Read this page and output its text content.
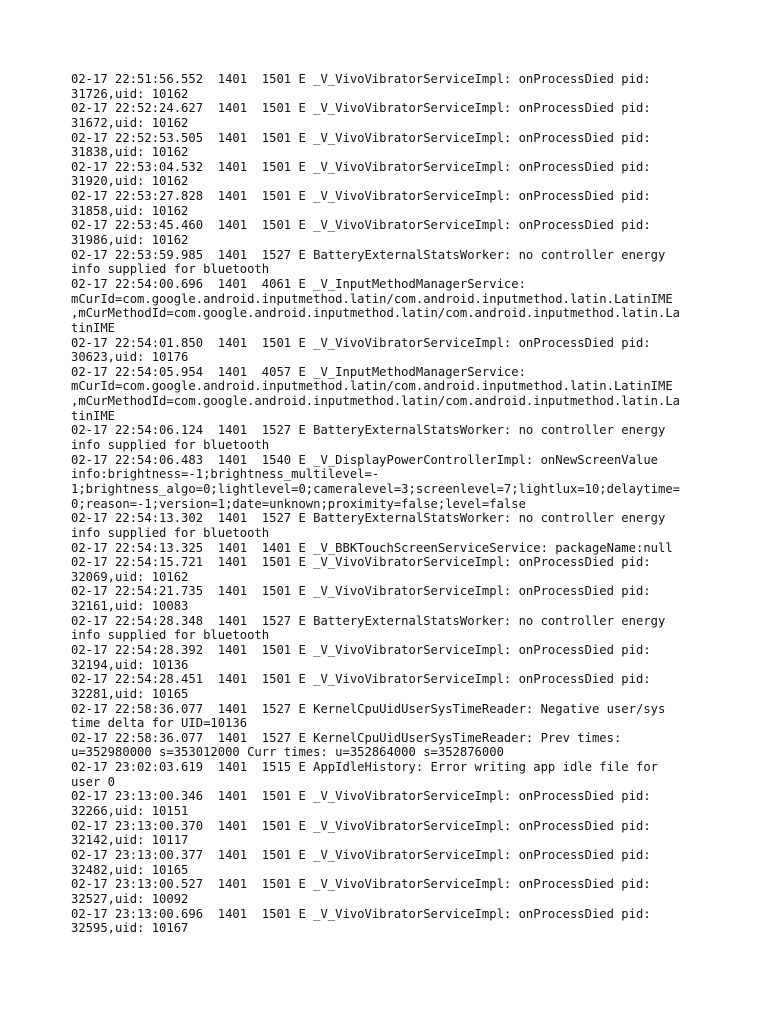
02-17 22:51:56.552  1401  1501 E _V_VivoVibratorServiceImpl: onProcessDied pid:
31726,uid: 10162
02-17 22:52:24.627  1401  1501 E _V_VivoVibratorServiceImpl: onProcessDied pid:
31672,uid: 10162
02-17 22:52:53.505  1401  1501 E _V_VivoVibratorServiceImpl: onProcessDied pid:
31838,uid: 10162
02-17 22:53:04.532  1401  1501 E _V_VivoVibratorServiceImpl: onProcessDied pid:
31920,uid: 10162
02-17 22:53:27.828  1401  1501 E _V_VivoVibratorServiceImpl: onProcessDied pid:
31858,uid: 10162
02-17 22:53:45.460  1401  1501 E _V_VivoVibratorServiceImpl: onProcessDied pid:
31986,uid: 10162
02-17 22:53:59.985  1401  1527 E BatteryExternalStatsWorker: no controller energy
info supplied for bluetooth
02-17 22:54:00.696  1401  4061 E _V_InputMethodManagerService:
mCurId=com.google.android.inputmethod.latin/com.android.inputmethod.latin.LatinIME
,mCurMethodId=com.google.android.inputmethod.latin/com.android.inputmethod.latin.La
tinIME
02-17 22:54:01.850  1401  1501 E _V_VivoVibratorServiceImpl: onProcessDied pid:
30623,uid: 10176
02-17 22:54:05.954  1401  4057 E _V_InputMethodManagerService:
mCurId=com.google.android.inputmethod.latin/com.android.inputmethod.latin.LatinIME
,mCurMethodId=com.google.android.inputmethod.latin/com.android.inputmethod.latin.La
tinIME
02-17 22:54:06.124  1401  1527 E BatteryExternalStatsWorker: no controller energy
info supplied for bluetooth
02-17 22:54:06.483  1401  1540 E _V_DisplayPowerControllerImpl: onNewScreenValue
info:brightness=-1;brightness_multilevel=-
1;brightness_algo=0;lightlevel=0;cameralevel=3;screenlevel=7;lightlux=10;delaytime=
0;reason=-1;version=1;date=unknown;proximity=false;level=false
02-17 22:54:13.302  1401  1527 E BatteryExternalStatsWorker: no controller energy
info supplied for bluetooth
02-17 22:54:13.325  1401  1401 E _V_BBKTouchScreenServiceService: packageName:null
02-17 22:54:15.721  1401  1501 E _V_VivoVibratorServiceImpl: onProcessDied pid:
32069,uid: 10162
02-17 22:54:21.735  1401  1501 E _V_VivoVibratorServiceImpl: onProcessDied pid:
32161,uid: 10083
02-17 22:54:28.348  1401  1527 E BatteryExternalStatsWorker: no controller energy
info supplied for bluetooth
02-17 22:54:28.392  1401  1501 E _V_VivoVibratorServiceImpl: onProcessDied pid:
32194,uid: 10136
02-17 22:54:28.451  1401  1501 E _V_VivoVibratorServiceImpl: onProcessDied pid:
32281,uid: 10165
02-17 22:58:36.077  1401  1527 E KernelCpuUidUserSysTimeReader: Negative user/sys
time delta for UID=10136
02-17 22:58:36.077  1401  1527 E KernelCpuUidUserSysTimeReader: Prev times:
u=352980000 s=353012000 Curr times: u=352864000 s=352876000
02-17 23:02:03.619  1401  1515 E AppIdleHistory: Error writing app idle file for
user 0
02-17 23:13:00.346  1401  1501 E _V_VivoVibratorServiceImpl: onProcessDied pid:
32266,uid: 10151
02-17 23:13:00.370  1401  1501 E _V_VivoVibratorServiceImpl: onProcessDied pid:
32142,uid: 10117
02-17 23:13:00.377  1401  1501 E _V_VivoVibratorServiceImpl: onProcessDied pid:
32482,uid: 10165
02-17 23:13:00.527  1401  1501 E _V_VivoVibratorServiceImpl: onProcessDied pid:
32527,uid: 10092
02-17 23:13:00.696  1401  1501 E _V_VivoVibratorServiceImpl: onProcessDied pid:
32595,uid: 10167
